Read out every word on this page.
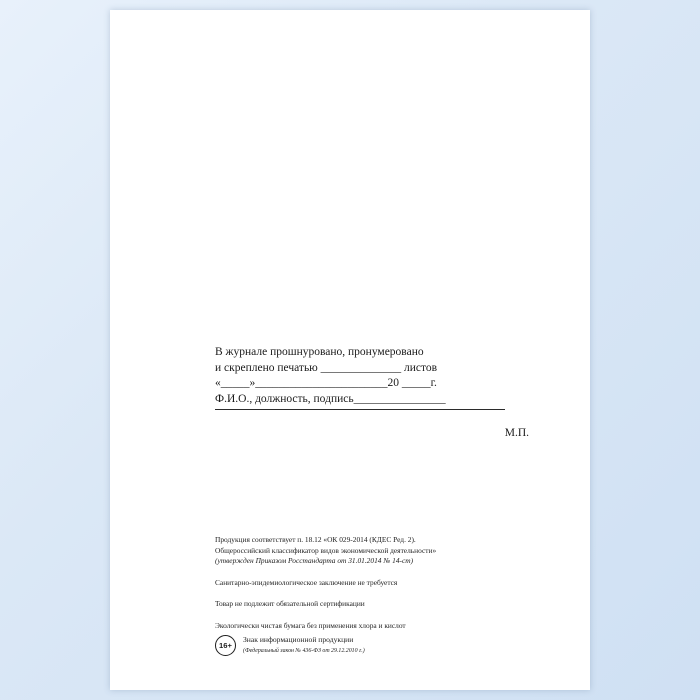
В журнале прошнуровано, пронумеровано
и скреплено печатью ______________ листов
«_____»_______________________20 _____г.
Ф.И.О., должность, подпись________________
М.П.
Продукция соответствует п. 18.12 «ОК 029-2014 (КДЕС Ред. 2).
Общероссийский классификатор видов экономической деятельности»
(утвержден Приказом Росстандарта от 31.01.2014 № 14-ст)
Санитарно-эпидемиологическое заключение не требуется
Товар не подлежит обязательной сертификации
Экологически чистая бумага без применения хлора и кислот
16+
Знак информационной продукции
(Федеральный закон № 436-ФЗ от 29.12.2010 г.)
